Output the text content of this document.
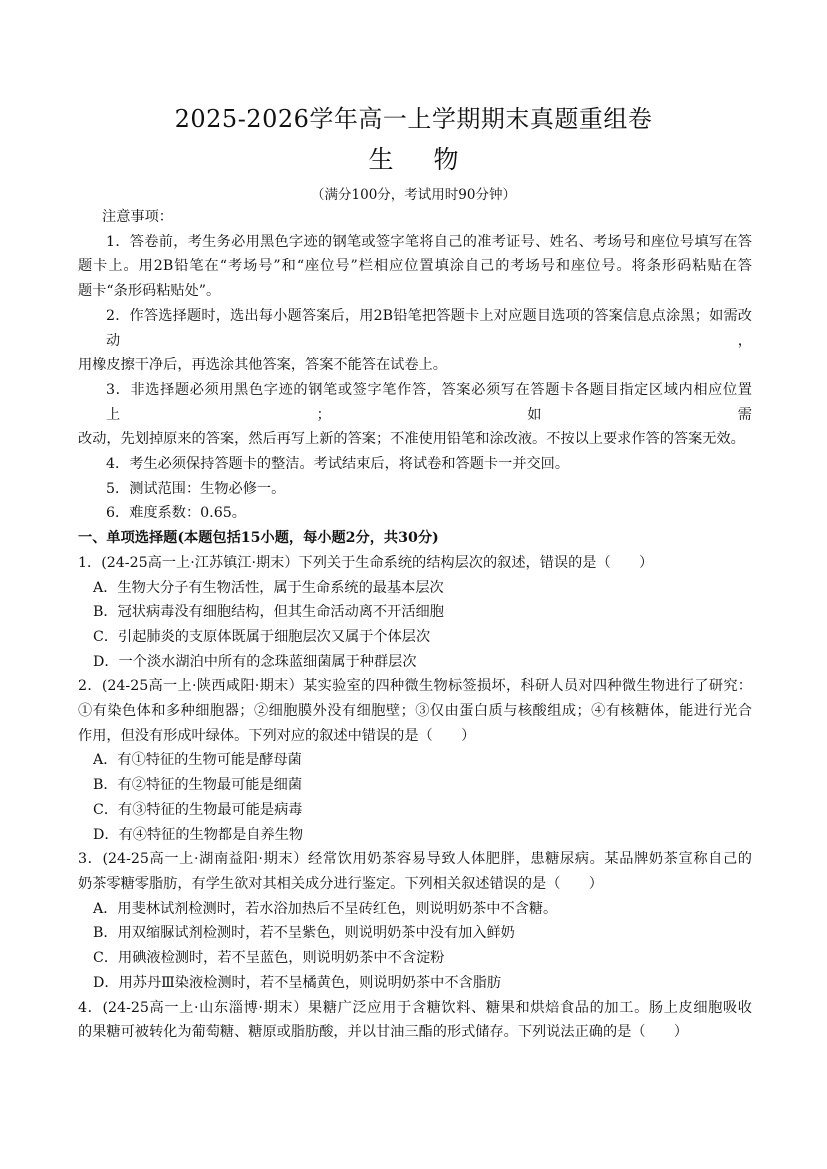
2025-2026学年高一上学期期末真题重组卷
生 物
（满分100分，考试用时90分钟）
注意事项：
1．答卷前，考生务必用黑色字迹的钢笔或签字笔将自己的准考证号、姓名、考场号和座位号填写在答
题卡上。用2B铅笔在“考场号”和“座位号”栏相应位置填涂自己的考场号和座位号。将条形码粘贴在答
题卡“条形码粘贴处”。
2．作答选择题时，选出每小题答案后，用2B铅笔把答题卡上对应题目选项的答案信息点涂黑；如需改动，
用橡皮擦干净后，再选涂其他答案，答案不能答在试卷上。
3．非选择题必须用黑色字迹的钢笔或签字笔作答，答案必须写在答题卡各题目指定区域内相应位置上；如需
改动，先划掉原来的答案，然后再写上新的答案；不准使用铅笔和涂改液。不按以上要求作答的答案无效。
4．考生必须保持答题卡的整洁。考试结束后，将试卷和答题卡一并交回。
5．测试范围：生物必修一。
6．难度系数：0.65。
一、单项选择题(本题包括15小题，每小题2分，共30分)
1．(24-25高一上·江苏镇江·期末）下列关于生命系统的结构层次的叙述，错误的是（　　）
A．生物大分子有生物活性，属于生命系统的最基本层次
B．冠状病毒没有细胞结构，但其生命活动离不开活细胞
C．引起肺炎的支原体既属于细胞层次又属于个体层次
D．一个淡水湖泊中所有的念珠蓝细菌属于种群层次
2．(24-25高一上·陕西咸阳·期末）某实验室的四种微生物标签损坏，科研人员对四种微生物进行了研究：
①有染色体和多种细胞器；②细胞膜外没有细胞壁；③仅由蛋白质与核酸组成；④有核糖体，能进行光合
作用，但没有形成叶绿体。下列对应的叙述中错误的是（　　）
A．有①特征的生物可能是酵母菌
B．有②特征的生物最可能是细菌
C．有③特征的生物最可能是病毒
D．有④特征的生物都是自养生物
3．(24-25高一上·湖南益阳·期末）经常饮用奶茶容易导致人体肥胖，患糖尿病。某品牌奶茶宣称自己的
奶茶零糖零脂肪，有学生欲对其相关成分进行鉴定。下列相关叙述错误的是（　　）
A．用斐林试剂检测时，若水浴加热后不呈砖红色，则说明奶茶中不含糖。
B．用双缩脲试剂检测时，若不呈紫色，则说明奶茶中没有加入鲜奶
C．用碘液检测时，若不呈蓝色，则说明奶茶中不含淀粉
D．用苏丹Ⅲ染液检测时，若不呈橘黄色，则说明奶茶中不含脂肪
4．(24-25高一上·山东淄博·期末）果糖广泛应用于含糖饮料、糖果和烘焙食品的加工。肠上皮细胞吸收
的果糖可被转化为葡萄糖、糖原或脂肪酸，并以甘油三酯的形式储存。下列说法正确的是（　　）
